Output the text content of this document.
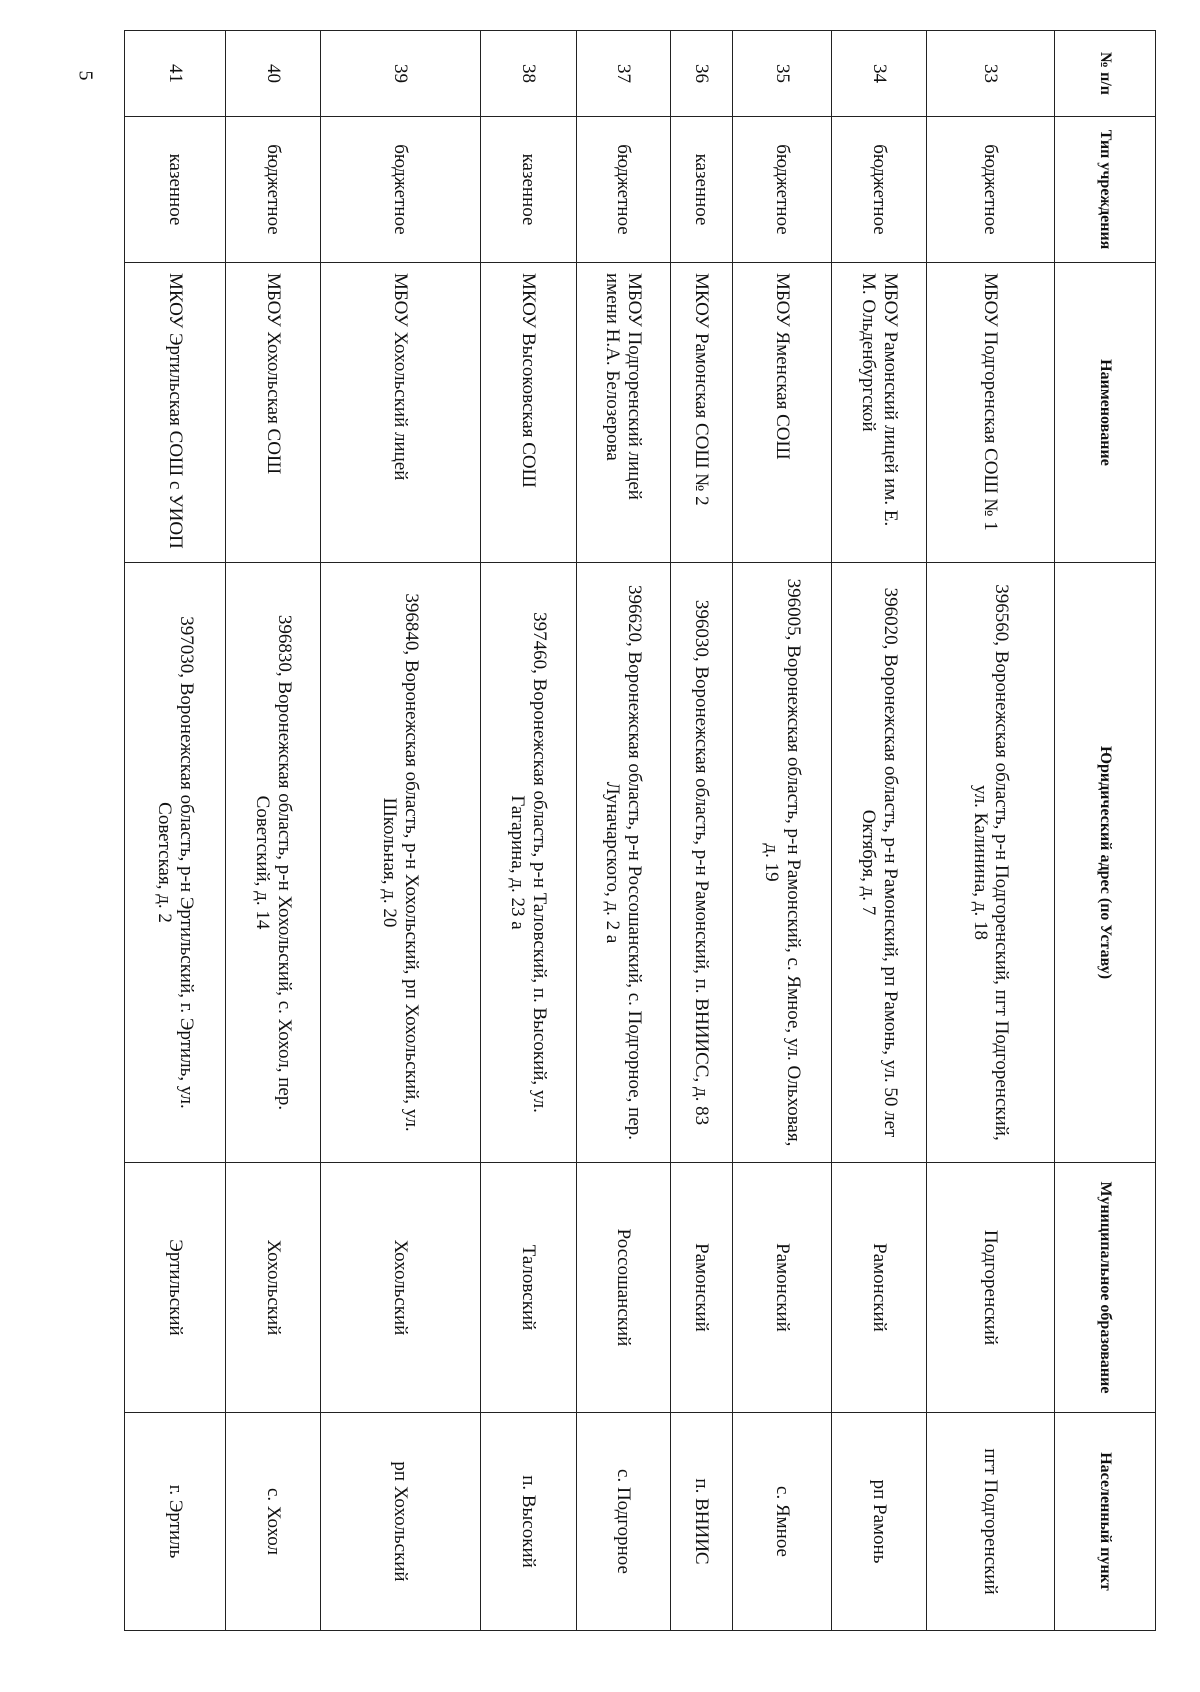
5	№ п/п	Тип учреждения	Наименование	Юридический адрес (по Уставу)	Муниципальное образование	Населенный пункт
33	бюджетное	МБОУ Подгоренская СОШ № 1	396560, Воронежская область, р-н Подгоренский, пгт Подгоренский, ул. Калинина, д. 18	Подгоренский	пгт Подгоренский
34	бюджетное	МБОУ Рамонский лицей им. Е. М. Ольденбургской	396020, Воронежская область, р-н Рамонский, рп Рамонь, ул. 50 лет Октября, д. 7	Рамонский	рп Рамонь
35	бюджетное	МБОУ Яменская СОШ	396005, Воронежская область, р-н Рамонский, с. Ямное, ул. Ольховая, д. 19	Рамонский	с. Ямное
36	казенное	МКОУ Рамонская СОШ № 2	396030, Воронежская область, р-н Рамонский, п. ВНИИСС, д. 83	Рамонский	п. ВНИИС
37	бюджетное	МБОУ Подгоренский лицей имени Н.А. Белозерова	396620, Воронежская область, р-н Россошанский, с. Подгорное, пер. Луначарского, д. 2 а	Россошанский	с. Подгорное
38	казенное	МКОУ Высоковская СОШ	397460, Воронежская область, р-н Таловский, п. Высокий, ул. Гагарина, д. 23 а	Таловский	п. Высокий
39	бюджетное	МБОУ Хохольский лицей	396840, Воронежская область, р-н Хохольский, рп Хохольский, ул. Школьная, д. 20	Хохольский	рп Хохольский
40	бюджетное	МБОУ Хохольская СОШ	396830, Воронежская область, р-н Хохольский, с. Хохол, пер. Советский, д. 14	Хохольский	с. Хохол
41	казенное	МКОУ Эртильская СОШ с УИОП	397030, Воронежская область, р-н Эртильский, г. Эртиль, ул. Советская, д. 2	Эртильский	г. Эртиль
